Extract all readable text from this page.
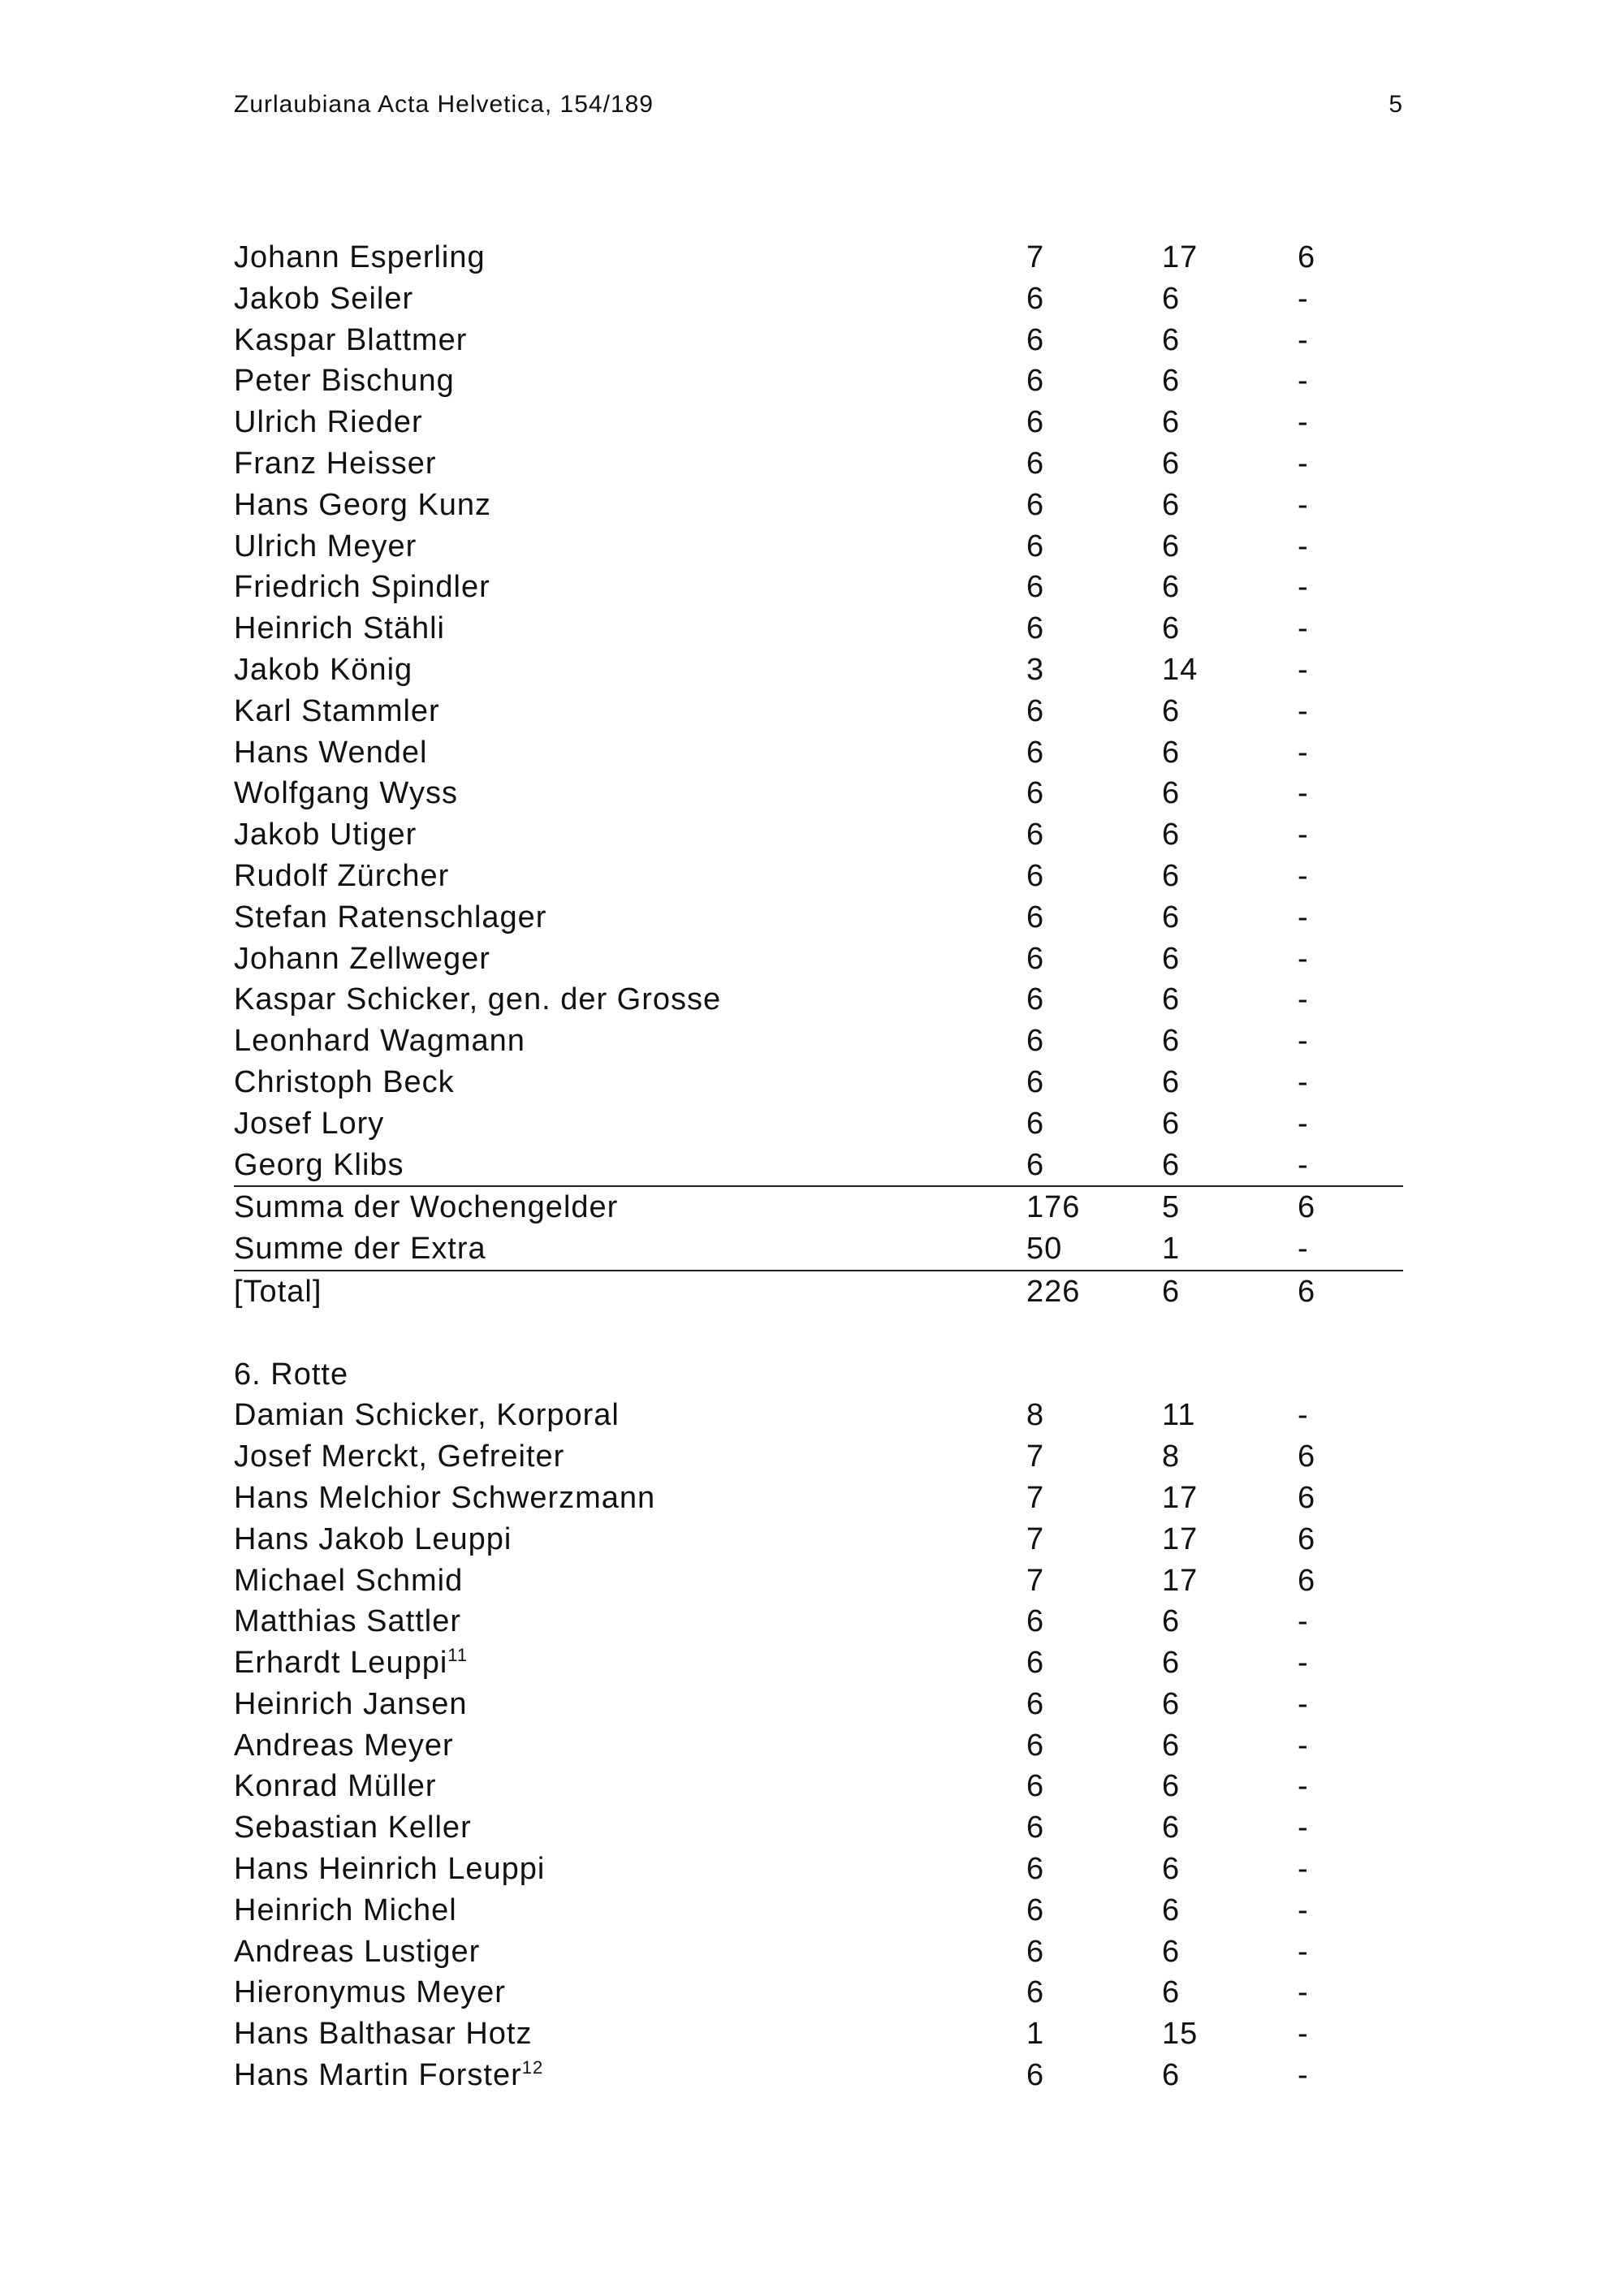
Zurlaubiana Acta Helvetica, 154/189	5
Johann Esperling	7	17	6
Jakob Seiler	6	6	-
Kaspar Blattmer	6	6	-
Peter Bischung	6	6	-
Ulrich Rieder	6	6	-
Franz Heisser	6	6	-
Hans Georg Kunz	6	6	-
Ulrich Meyer	6	6	-
Friedrich Spindler	6	6	-
Heinrich Stähli	6	6	-
Jakob König	3	14	-
Karl Stammler	6	6	-
Hans Wendel	6	6	-
Wolfgang Wyss	6	6	-
Jakob Utiger	6	6	-
Rudolf Zürcher	6	6	-
Stefan Ratenschlager	6	6	-
Johann Zellweger	6	6	-
Kaspar Schicker, gen. der Grosse	6	6	-
Leonhard Wagmann	6	6	-
Christoph Beck	6	6	-
Josef Lory	6	6	-
Georg Klibs	6	6	-
Summa der Wochengelder	176	5	6
Summe der Extra	50	1	-
[Total]	226	6	6
6. Rotte
Damian Schicker, Korporal	8	11	-
Josef Merckt, Gefreiter	7	8	6
Hans Melchior Schwerzmann	7	17	6
Hans Jakob Leuppi	7	17	6
Michael Schmid	7	17	6
Matthias Sattler	6	6	-
Erhardt Leuppi$^{11}$	6	6	-
Heinrich Jansen	6	6	-
Andreas Meyer	6	6	-
Konrad Müller	6	6	-
Sebastian Keller	6	6	-
Hans Heinrich Leuppi	6	6	-
Heinrich Michel	6	6	-
Andreas Lustiger	6	6	-
Hieronymus Meyer	6	6	-
Hans Balthasar Hotz	1	15	-
Hans Martin Forster$^{12}$	6	6	-
